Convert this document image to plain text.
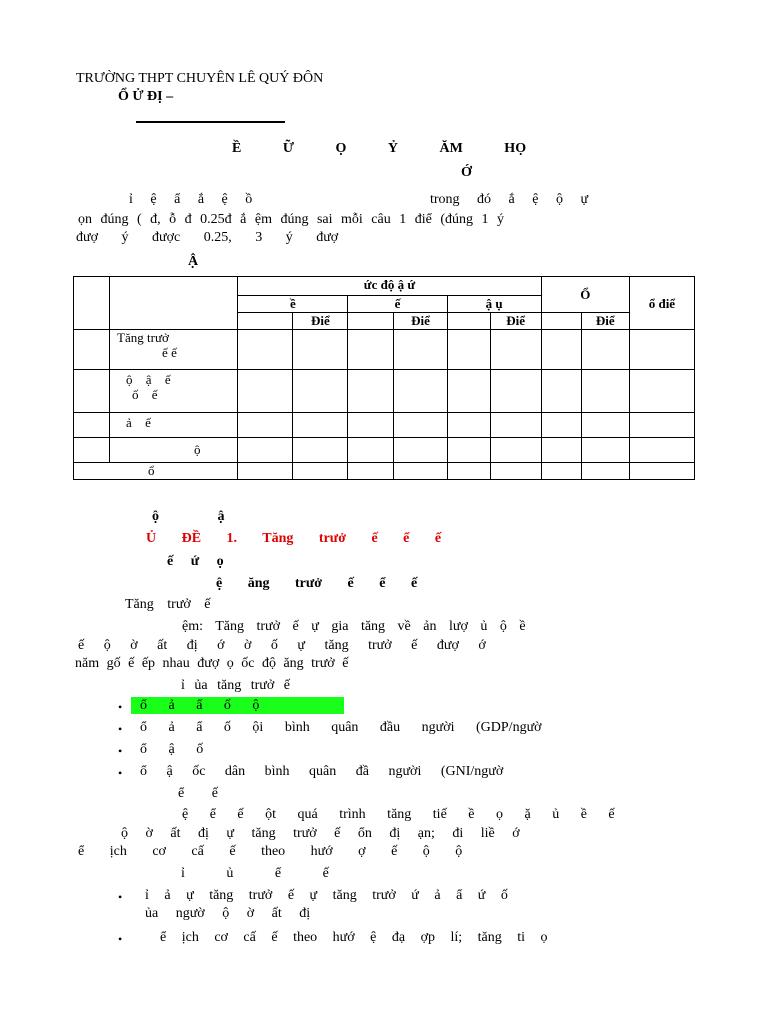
TRƯỜNG THPT CHUYÊN LÊ QUÝ ĐÔN
Ổ Ử ĐỊ –
Ề Ữ Ọ Ỷ ĂM HỌ
Ớ
ỉ ệ ẩ ắ ệ ồ	trong đó ắ ệ ộ ự
ọn đúng ( đ, ỗ đ 0.25đ ắ ệm đúng sai mỗi câu 1 điể (đúng 1 ý
đượ ý được 0.25, 3 ý đượ
Ậ
		ức độ ậ ứ						Ổ		ổ điể
		ề		ế		ậ ụ				
			Điể		Điể		Điể		Điể	

	Tăng trưở
ế ế									

	ộ ậ ế
ố ế									

	ả ế									

	ộ									

ổ										

ộ ậ
Ủ ĐỀ 1. Tăng trưở ế ể ế
ế ứ ọ
ệ ăng trưở ế ể ế
Tăng trưở ế
ệm: Tăng trưở ế ự gia tăng về ản lượ ủ ộ ề
ế ộ ờ ất đị ớ ờ ố ự tăng trưở ế đượ ớ
năm gố ế ếp nhau đượ ọ ốc độ ăng trưở ế
ỉ ủa tăng trưở ế
• ổ ả ẩ ố ộ
• ổ ả ẩ ố ội bình quân đầu người (GDP/ngườ
• ổ ậ ố
• ổ ậ ốc dân bình quân đầ người (GNI/ngườ
ể ế
ệ ể ế ột quá trình tăng tiế ề ọ ặ ủ ề ế
ộ ờ ất đị ự tăng trưở ế ổn đị ạn; đi liề ớ
ể ịch cơ cấ ế theo hướ ợ ế ộ ộ
ỉ ủ ể ế
• ỉ ả ự tăng trưở ế ự tăng trưở ứ ả ẩ ứ ố
ủa ngườ ộ ờ ất đị
•	ể ịch cơ cấ ế theo hướ ệ đạ ợp lí; tăng ti ọ
